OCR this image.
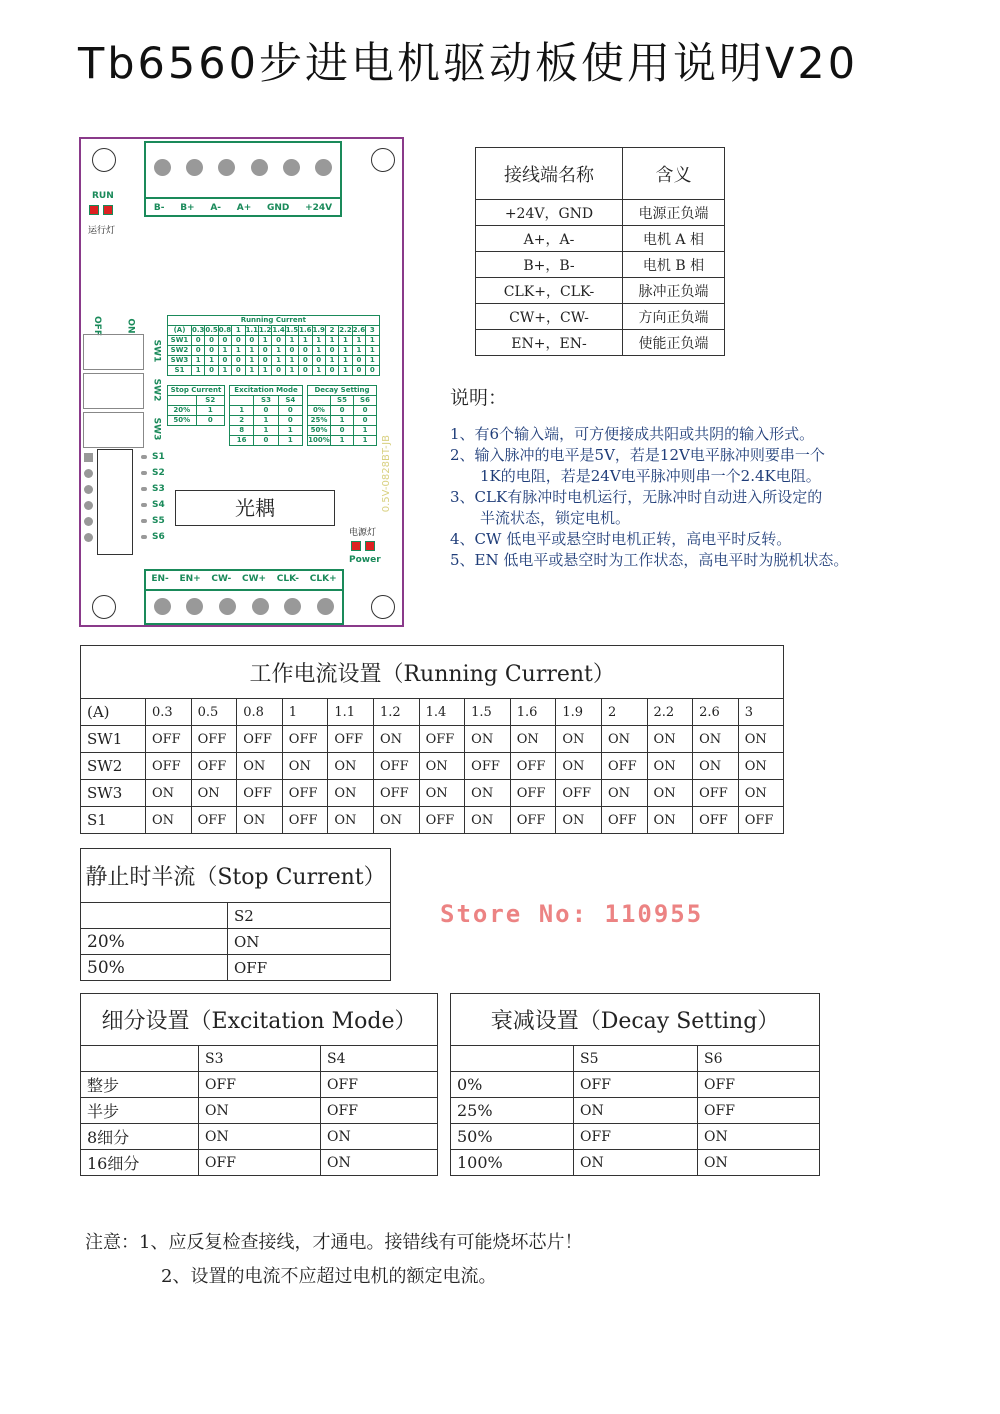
Tb6560步进电机驱动板使用说明V20
B- B+ A- A+ GND +24V
RUN
运行灯
OFF	ON
SW1
SW2
SW3
Running Current														
(A)	0.3	0.5	0.8	1	1.1	1.2	1.4	1.5	1.6	1.9	2	2.2	2.6	3
SW1	0	0	0	0	0	1	0	1	1	1	1	1	1	1
SW2	0	0	1	1	1	0	1	0	0	1	0	1	1	1
SW3	1	1	0	0	1	0	1	1	0	0	1	1	0	1
S1	1	0	1	0	1	1	0	1	0	1	0	1	0	0
Stop Current	
	S2
20%	1
50%	0
Excitation Mode		
	S3	S4
1	0	0
2	1	0
8	1	1
16	0	1
Decay Setting		
	S5	S6
0%	0	0
25%	1	0
50%	0	1
100%	1	1
S1
S2
S3
S4
S5
S6
光耦	0.5V-0828BT-JB
电源灯
Power
EN- EN+ CW- CW+ CLK- CLK+
接线端名称	含义
+24V，GND	电源正负端
A+，A-	电机 A 相
B+，B-	电机 B 相
CLK+，CLK-	脉冲正负端
CW+，CW-	方向正负端
EN+，EN-	使能正负端
说明：
1、有6个输入端，可方便接成共阳或共阴的输入形式。
2、输入脉冲的电平是5V，若是12V电平脉冲则要串一个
　　1K的电阻，若是24V电平脉冲则串一个2.4K电阻。
3、CLK有脉冲时电机运行，无脉冲时自动进入所设定的
　　半流状态，锁定电机。
4、CW 低电平或悬空时电机正转，高电平时反转。
5、EN 低电平或悬空时为工作状态，高电平时为脱机状态。
工作电流设置（Running Current）														
(A)	0.3	0.5	0.8	1	1.1	1.2	1.4	1.5	1.6	1.9	2	2.2	2.6	3
SW1	OFF	OFF	OFF	OFF	OFF	ON	OFF	ON	ON	ON	ON	ON	ON	ON
SW2	OFF	OFF	ON	ON	ON	OFF	ON	OFF	OFF	ON	OFF	ON	ON	ON
SW3	ON	ON	OFF	OFF	ON	OFF	ON	ON	OFF	OFF	ON	ON	OFF	ON
S1	ON	OFF	ON	OFF	ON	ON	OFF	ON	OFF	ON	OFF	ON	OFF	OFF
Store No: 110955
静止时半流（Stop Current）	
	S2
20%	ON
50%	OFF
细分设置（Excitation Mode）		
	S3	S4
整步	OFF	OFF
半步	ON	OFF
8细分	ON	ON
16细分	OFF	ON
衰减设置（Decay Setting）		
	S5	S6
0%	OFF	OFF
25%	ON	OFF
50%	OFF	ON
100%	ON	ON
注意：1、应反复检查接线，才通电。接错线有可能烧坏芯片！
2、设置的电流不应超过电机的额定电流。
